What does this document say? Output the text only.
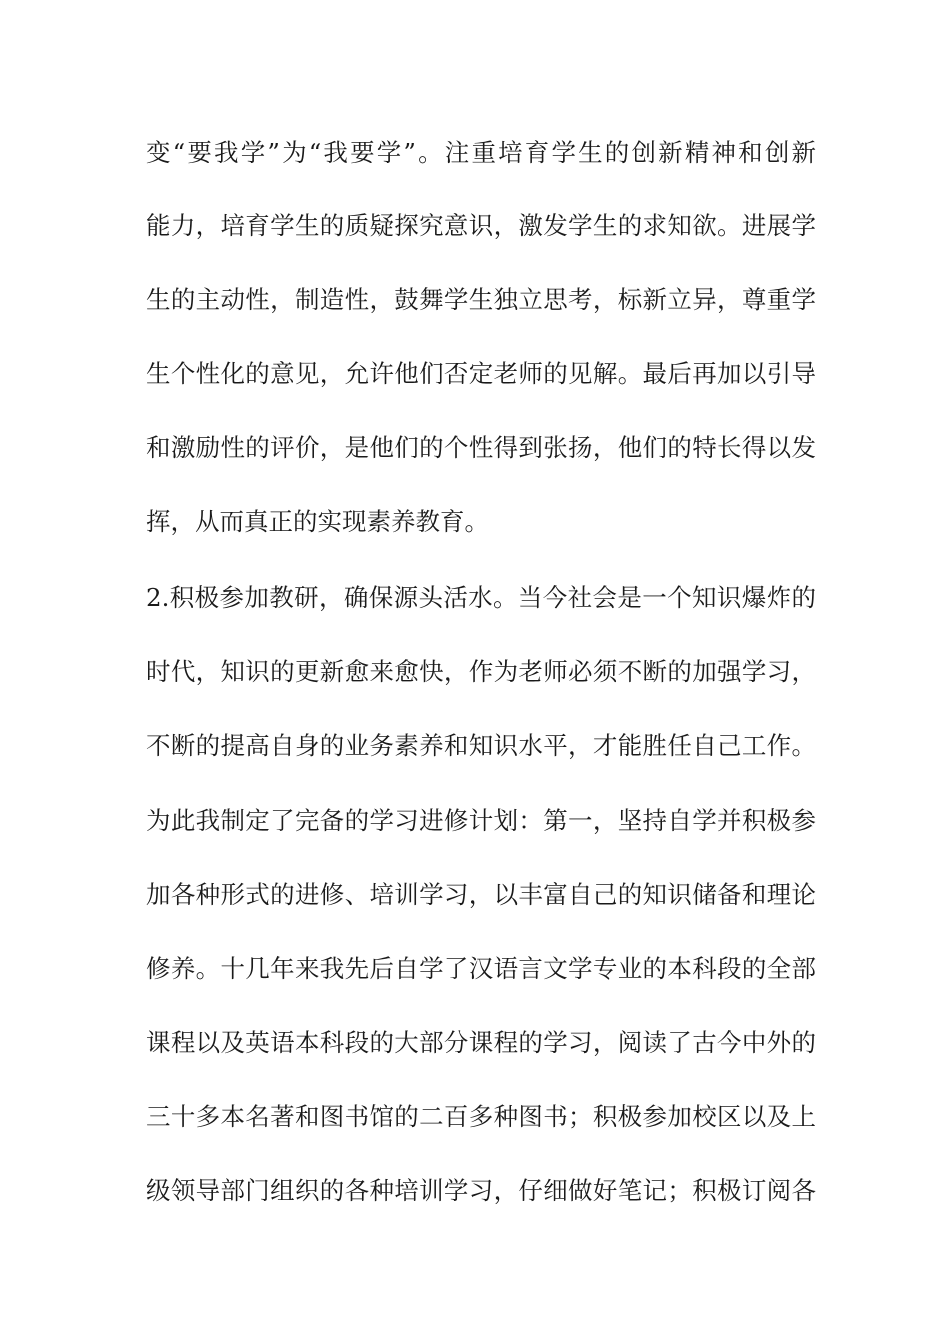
变“要我学”为“我要学”。注重培育学生的创新精神和创新
能力，培育学生的质疑探究意识，激发学生的求知欲。进展学
生的主动性，制造性，鼓舞学生独立思考，标新立异，尊重学
生个性化的意见，允许他们否定老师的见解。最后再加以引导
和激励性的评价，是他们的个性得到张扬，他们的特长得以发
挥，从而真正的实现素养教育。
2.积极参加教研，确保源头活水。当今社会是一个知识爆炸的
时代，知识的更新愈来愈快，作为老师必须不断的加强学习，
不断的提高自身的业务素养和知识水平，才能胜任自己工作。
为此我制定了完备的学习进修计划：第一，坚持自学并积极参
加各种形式的进修、培训学习，以丰富自己的知识储备和理论
修养。十几年来我先后自学了汉语言文学专业的本科段的全部
课程以及英语本科段的大部分课程的学习，阅读了古今中外的
三十多本名著和图书馆的二百多种图书；积极参加校区以及上
级领导部门组织的各种培训学习，仔细做好笔记；积极订阅各
